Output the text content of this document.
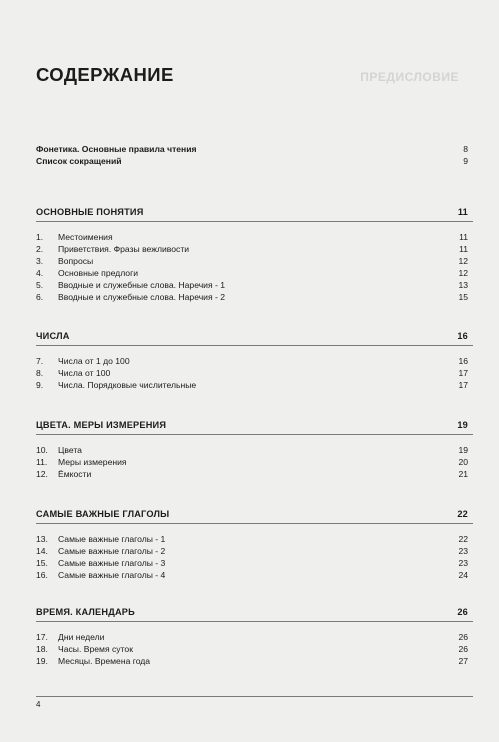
ПРЕДИСЛОВИЕ
СОДЕРЖАНИЕ
Фонетика. Основные правила чтения	8
Список сокращений	9
ОСНОВНЫЕ ПОНЯТИЯ	11
1. Местоимения	11
2. Приветствия. Фразы вежливости	11
3. Вопросы	12
4. Основные предлоги	12
5. Вводные и служебные слова. Наречия - 1	13
6. Вводные и служебные слова. Наречия - 2	15
ЧИСЛА	16
7. Числа от 1 до 100	16
8. Числа от 100	17
9. Числа. Порядковые числительные	17
ЦВЕТА. МЕРЫ ИЗМЕРЕНИЯ	19
10. Цвета	19
11. Меры измерения	20
12. Ёмкости	21
САМЫЕ ВАЖНЫЕ ГЛАГОЛЫ	22
13. Самые важные глаголы - 1	22
14. Самые важные глаголы - 2	23
15. Самые важные глаголы - 3	23
16. Самые важные глаголы - 4	24
ВРЕМЯ. КАЛЕНДАРЬ	26
17. Дни недели	26
18. Часы. Время суток	26
19. Месяцы. Времена года	27
4
